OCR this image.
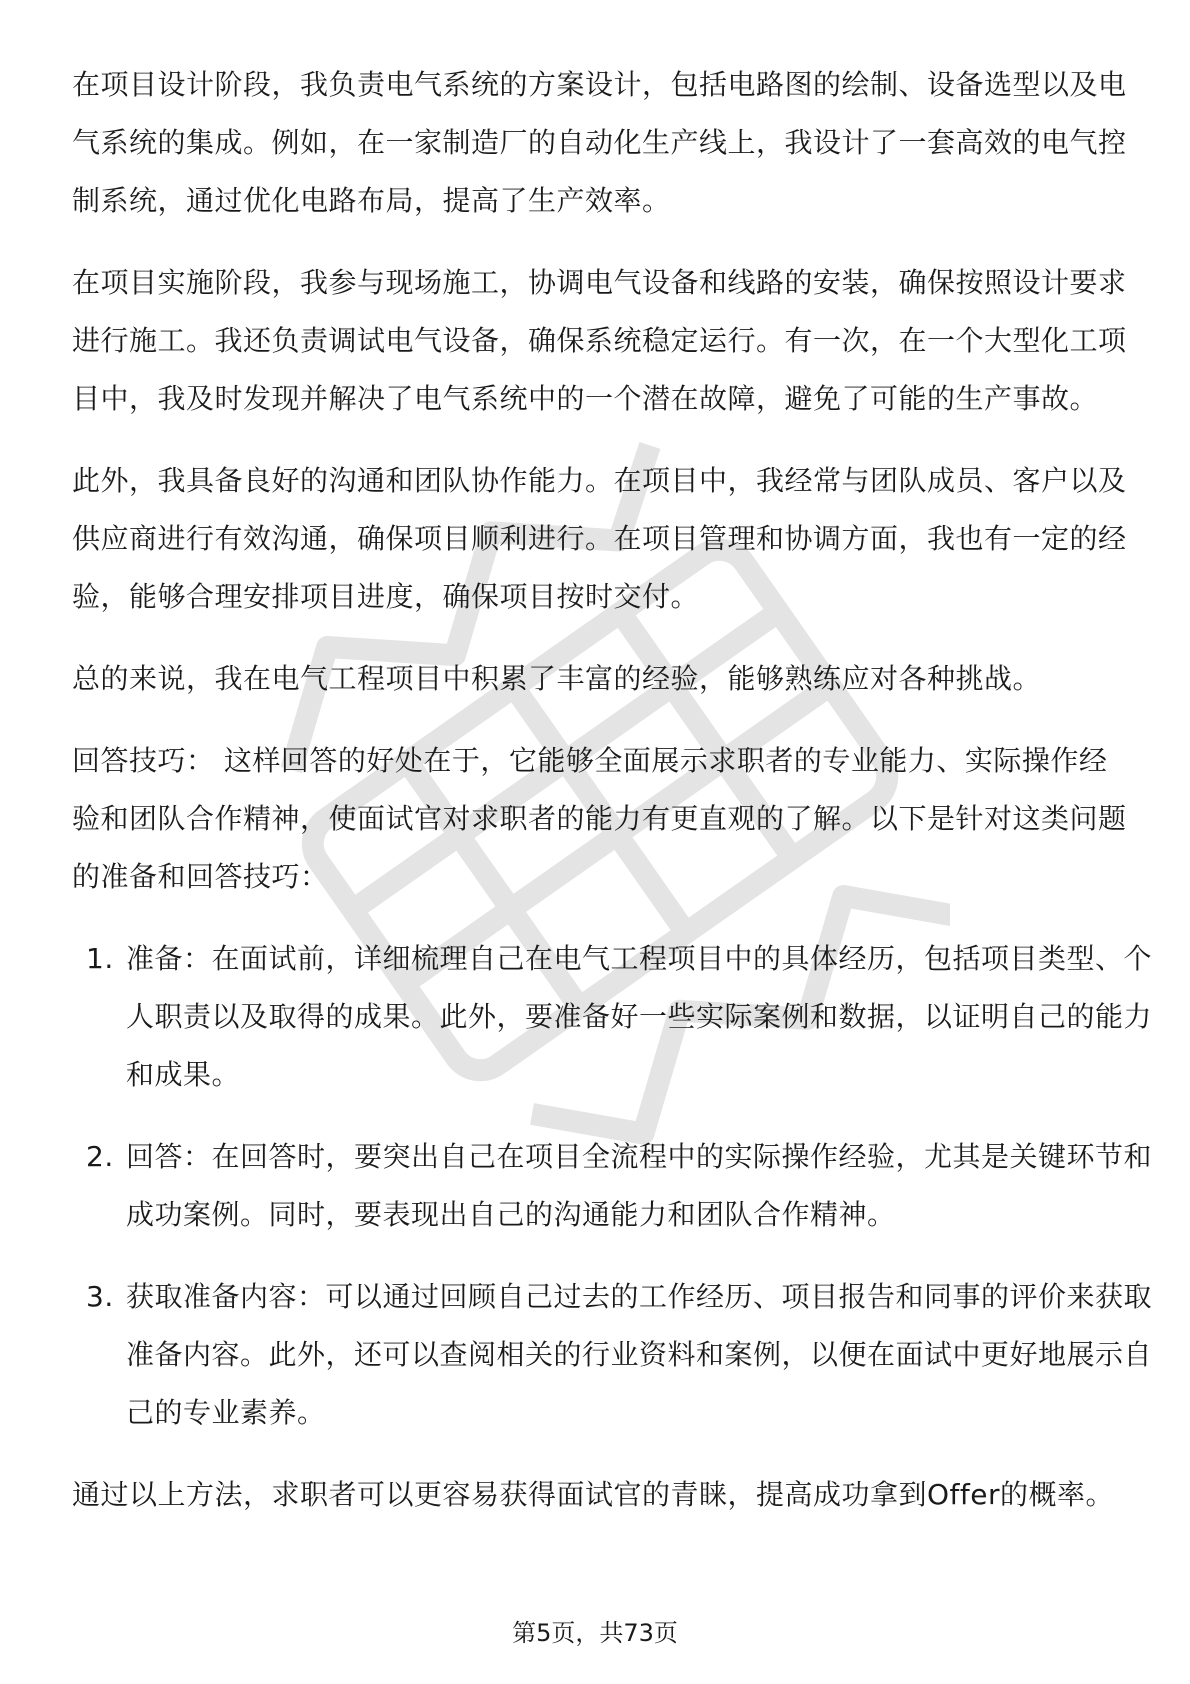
在项目设计阶段，我负责电气系统的方案设计，包括电路图的绘制、设备选型以及电气系统的集成。例如，在一家制造厂的自动化生产线上，我设计了一套高效的电气控制系统，通过优化电路布局，提高了生产效率。

在项目实施阶段，我参与现场施工，协调电气设备和线路的安装，确保按照设计要求进行施工。我还负责调试电气设备，确保系统稳定运行。有一次，在一个大型化工项目中，我及时发现并解决了电气系统中的一个潜在故障，避免了可能的生产事故。

此外，我具备良好的沟通和团队协作能力。在项目中，我经常与团队成员、客户以及供应商进行有效沟通，确保项目顺利进行。在项目管理和协调方面，我也有一定的经验，能够合理安排项目进度，确保项目按时交付。

总的来说，我在电气工程项目中积累了丰富的经验，能够熟练应对各种挑战。

回答技巧： 这样回答的好处在于，它能够全面展示求职者的专业能力、实际操作经验和团队合作精神，使面试官对求职者的能力有更直观的了解。以下是针对这类问题的准备和回答技巧：

1. 准备：在面试前，详细梳理自己在电气工程项目中的具体经历，包括项目类型、个人职责以及取得的成果。此外，要准备好一些实际案例和数据，以证明自己的能力和成果。
2. 回答：在回答时，要突出自己在项目全流程中的实际操作经验，尤其是关键环节和成功案例。同时，要表现出自己的沟通能力和团队合作精神。
3. 获取准备内容：可以通过回顾自己过去的工作经历、项目报告和同事的评价来获取准备内容。此外，还可以查阅相关的行业资料和案例，以便在面试中更好地展示自己的专业素养。

通过以上方法，求职者可以更容易获得面试官的青睐，提高成功拿到Offer的概率。

第5页，共73页
